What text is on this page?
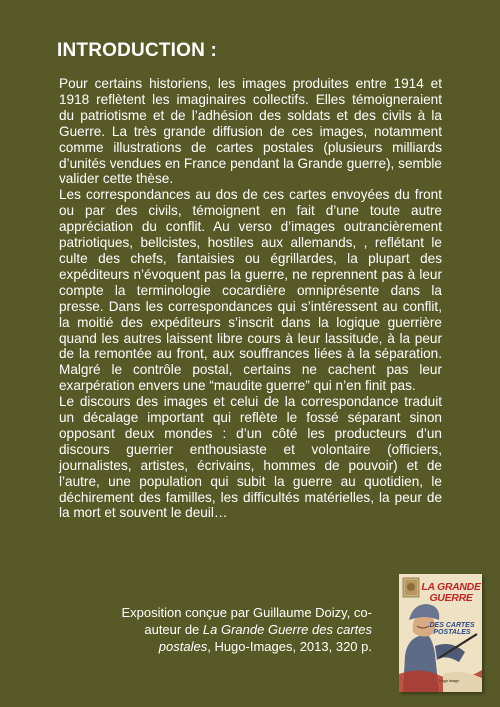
INTRODUCTION :

Pour certains historiens, les images produites entre 1914 et 1918 reflètent les imaginaires collectifs. Elles témoigneraient du patriotisme et de l’adhésion des soldats et des civils à la Guerre. La très grande diffusion de ces images, notamment comme illustrations de cartes postales (plusieurs milliards d’unités vendues en France pendant la Grande guerre), semble valider cette thèse.

Les correspondances au dos de ces cartes envoyées du front ou par des civils, témoignent en fait d’une toute autre appréciation du conflit. Au verso d’images outrancièrement patriotiques, bellcistes, hostiles aux allemands, , reflétant le culte des chefs, fantaisies ou égrillardes, la plupart des expéditeurs n’évoquent pas la guerre, ne reprennent pas à leur compte la terminologie cocardière omniprésente dans la presse. Dans les correspondances qui s’intéressent au conflit, la moitié des expéditeurs s’inscrit dans la logique guerrière quand les autres laissent libre cours à leur lassitude, à la peur de la remontée au front, aux souffrances liées à la séparation. Malgré le contrôle postal, certains ne cachent pas leur exarpération envers une “maudite guerre” qui n’en finit pas.

Le discours des images et celui de la correspondance traduit un décalage important qui reflète le fossé séparant sinon opposant deux mondes : d’un côté les producteurs d’un discours guerrier enthousiaste et volontaire (officiers, journalistes, artistes, écrivains, hommes de pouvoir) et de l’autre, une population qui subit la guerre au quotidien, le déchirement des familles, les difficultés matérielles, la peur de la mort et souvent le deuil…

Exposition conçue par Guillaume Doizy, co-auteur de La Grande Guerre des cartes postales, Hugo-Images, 2013, 320 p.
LA GRANDE GUERRE
DES CARTES POSTALES
Hugo Image
